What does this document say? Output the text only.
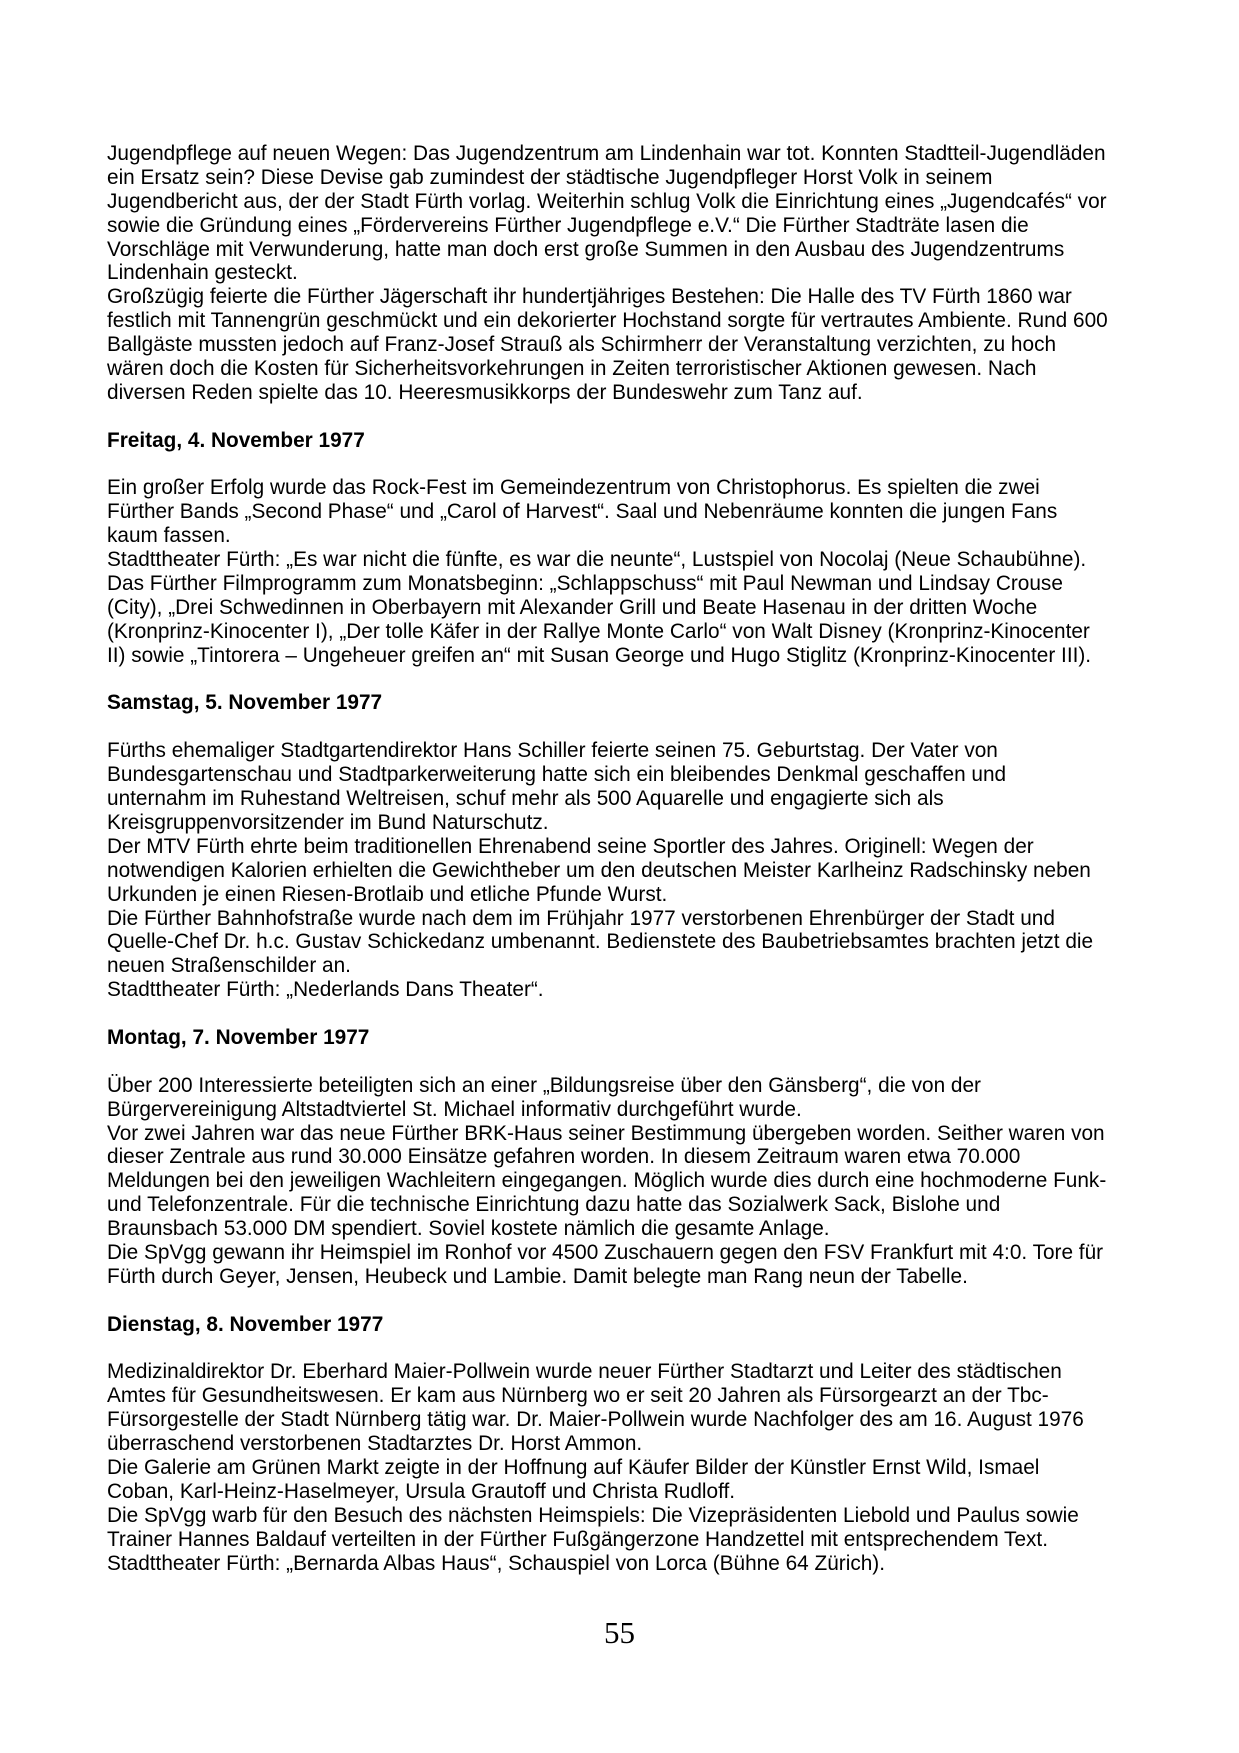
Jugendpflege auf neuen Wegen: Das Jugendzentrum am Lindenhain war tot. Konnten Stadtteil-Jugendläden
ein Ersatz sein? Diese Devise gab zumindest der städtische Jugendpfleger Horst Volk in seinem
Jugendbericht aus, der der Stadt Fürth vorlag. Weiterhin schlug Volk die Einrichtung eines „Jugendcafés“ vor
sowie die Gründung eines „Fördervereins Fürther Jugendpflege e.V.“ Die Fürther Stadträte lasen die
Vorschläge mit Verwunderung, hatte man doch erst große Summen in den Ausbau des Jugendzentrums
Lindenhain gesteckt.
Großzügig feierte die Fürther Jägerschaft ihr hundertjähriges Bestehen: Die Halle des TV Fürth 1860 war
festlich mit Tannengrün geschmückt und ein dekorierter Hochstand sorgte für vertrautes Ambiente. Rund 600
Ballgäste mussten jedoch auf Franz-Josef Strauß als Schirmherr der Veranstaltung verzichten, zu hoch
wären doch die Kosten für Sicherheitsvorkehrungen in Zeiten terroristischer Aktionen gewesen. Nach
diversen Reden spielte das 10. Heeresmusikkorps der Bundeswehr zum Tanz auf.
Freitag, 4. November 1977
Ein großer Erfolg wurde das Rock-Fest im Gemeindezentrum von Christophorus. Es spielten die zwei
Fürther Bands „Second Phase“ und „Carol of Harvest“. Saal und Nebenräume konnten die jungen Fans
kaum fassen.
Stadttheater Fürth: „Es war nicht die fünfte, es war die neunte“, Lustspiel von Nocolaj (Neue Schaubühne).
Das Fürther Filmprogramm zum Monatsbeginn: „Schlappschuss“ mit Paul Newman und Lindsay Crouse
(City), „Drei Schwedinnen in Oberbayern mit Alexander Grill und Beate Hasenau in der dritten Woche
(Kronprinz-Kinocenter I), „Der tolle Käfer in der Rallye Monte Carlo“ von Walt Disney (Kronprinz-Kinocenter
II) sowie „Tintorera – Ungeheuer greifen an“ mit Susan George und Hugo Stiglitz (Kronprinz-Kinocenter III).
Samstag, 5. November 1977
Fürths ehemaliger Stadtgartendirektor Hans Schiller feierte seinen 75. Geburtstag. Der Vater von
Bundesgartenschau und Stadtparkerweiterung hatte sich ein bleibendes Denkmal geschaffen und
unternahm im Ruhestand Weltreisen, schuf mehr als 500 Aquarelle und engagierte sich als
Kreisgruppenvorsitzender im Bund Naturschutz.
Der MTV Fürth ehrte beim traditionellen Ehrenabend seine Sportler des Jahres. Originell: Wegen der
notwendigen Kalorien erhielten die Gewichtheber um den deutschen Meister Karlheinz Radschinsky neben
Urkunden je einen Riesen-Brotlaib und etliche Pfunde Wurst.
Die Fürther Bahnhofstraße wurde nach dem im Frühjahr 1977 verstorbenen Ehrenbürger der Stadt und
Quelle-Chef Dr. h.c. Gustav Schickedanz umbenannt. Bedienstete des Baubetriebsamtes brachten jetzt die
neuen Straßenschilder an.
Stadttheater Fürth: „Nederlands Dans Theater“.
Montag, 7. November 1977
Über 200 Interessierte beteiligten sich an einer „Bildungsreise über den Gänsberg“, die von der
Bürgervereinigung Altstadtviertel St. Michael informativ durchgeführt wurde.
Vor zwei Jahren war das neue Fürther BRK-Haus seiner Bestimmung übergeben worden. Seither waren von
dieser Zentrale aus rund 30.000 Einsätze gefahren worden. In diesem Zeitraum waren etwa 70.000
Meldungen bei den jeweiligen Wachleitern eingegangen. Möglich wurde dies durch eine hochmoderne Funk-
und Telefonzentrale. Für die technische Einrichtung dazu hatte das Sozialwerk Sack, Bislohe und
Braunsbach 53.000 DM spendiert. Soviel kostete nämlich die gesamte Anlage.
Die SpVgg gewann ihr Heimspiel im Ronhof vor 4500 Zuschauern gegen den FSV Frankfurt mit 4:0. Tore für
Fürth durch Geyer, Jensen, Heubeck und Lambie. Damit belegte man Rang neun der Tabelle.
Dienstag, 8. November 1977
Medizinaldirektor Dr. Eberhard Maier-Pollwein wurde neuer Fürther Stadtarzt und Leiter des städtischen
Amtes für Gesundheitswesen. Er kam aus Nürnberg wo er seit 20 Jahren als Fürsorgearzt an der Tbc-
Fürsorgestelle der Stadt Nürnberg tätig war. Dr. Maier-Pollwein wurde Nachfolger des am 16. August 1976
überraschend verstorbenen Stadtarztes Dr. Horst Ammon.
Die Galerie am Grünen Markt zeigte in der Hoffnung auf Käufer Bilder der Künstler Ernst Wild, Ismael
Coban, Karl-Heinz-Haselmeyer, Ursula Grautoff und Christa Rudloff.
Die SpVgg warb für den Besuch des nächsten Heimspiels: Die Vizepräsidenten Liebold und Paulus sowie
Trainer Hannes Baldauf verteilten in der Fürther Fußgängerzone Handzettel mit entsprechendem Text.
Stadttheater Fürth: „Bernarda Albas Haus“, Schauspiel von Lorca (Bühne 64 Zürich).
55
